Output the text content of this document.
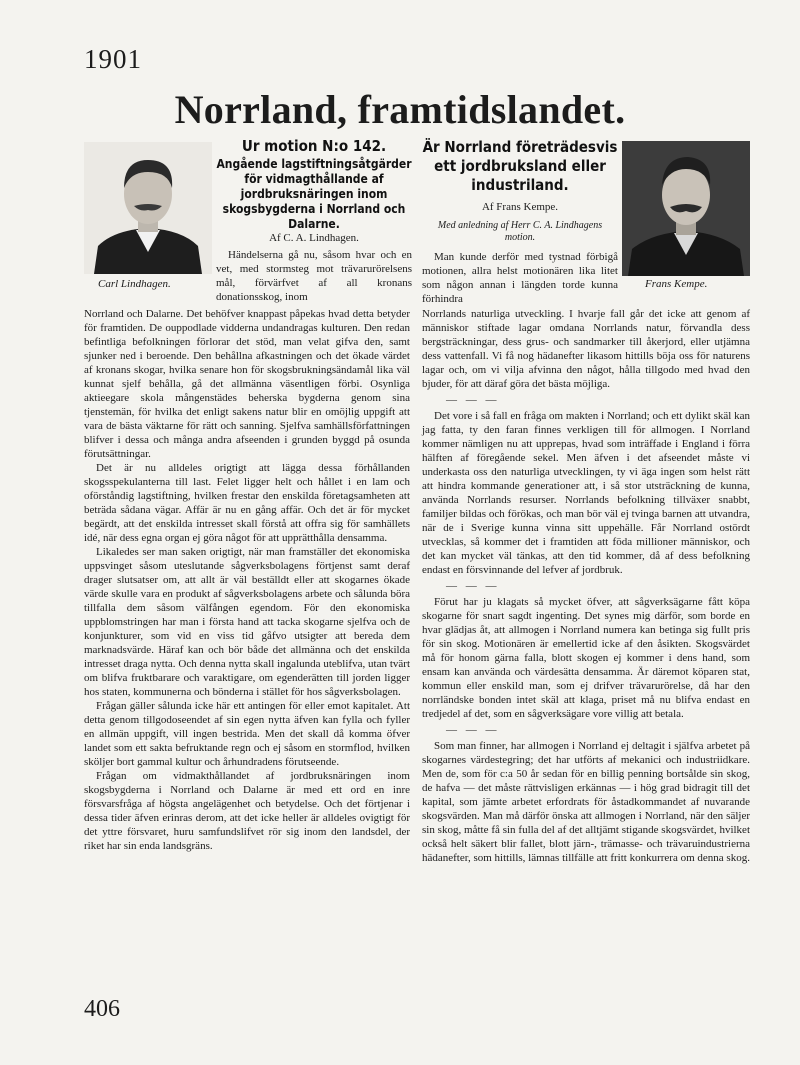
1901
Norrland, framtidslandet.
Carl Lindhagen.	Frans Kempe.
Ur motion N:o 142.
Angående lagstiftningsåtgärder för vidmagthållande af jordbruksnäringen inom skogsbygderna i Norrland och Dalarne.
Af C. A. Lindhagen.
Händelserna gå nu, såsom hvar och en vet, med stormsteg mot trävarurörelsens mål, förvärfvet af all kronans donationsskog, inom
Är Norrland företrädesvis ett jordbruksland eller industriland.
Af Frans Kempe.
Med anledning af Herr C. A. Lindhagens motion.
Man kunde derför med tystnad förbigå motionen, allra helst motionären lika litet som någon annan i längden torde kunna förhindra

Norrland och Dalarne. Det behöfver knappast påpekas hvad detta betyder för framtiden. De ouppodlade vidderna undandragas kulturen. Den redan befintliga befolkningen förlorar det stöd, man velat gifva den, samt sjunker ned i beroende. Den behållna afkastningen och det ökade värdet af kronans skogar, hvilka senare hon för skogsbrukningsändamål lika väl kunnat sjelf behålla, gå det allmänna väsentligen förbi. Osynliga aktieegare skola mångenstädes beherska bygderna genom sina tjenstemän, för hvilka det enligt sakens natur blir en omöjlig uppgift att vara de bästa väktarne för rätt och sanning. Sjelfva samhällsförfattningen blifver i dessa och många andra afseenden i grunden byggd på osunda förutsättningar.

Det är nu alldeles origtigt att lägga dessa förhållanden skogsspekulanterna till last. Felet ligger helt och hållet i en lam och oförståndig lagstiftning, hvilken frestar den enskilda företagsamheten att beträda sådana vägar. Affär är nu en gång affär. Och det är för mycket begärdt, att det enskilda intresset skall förstå att offra sig för samhällets idé, när dess egna organ ej göra något för att upprätthålla densamma.

Likaledes ser man saken origtigt, när man framställer det ekonomiska uppsvinget såsom uteslutande sågverksbolagens förtjenst samt deraf drager slutsatser om, att allt är väl beställdt eller att skogarnes ökade värde skulle vara en produkt af sågverksbolagens arbete och sålunda böra tillfalla dem såsom välfången egendom. För den ekonomiska uppblomstringen har man i första hand att tacka skogarne sjelfva och de konjunkturer, som vid en viss tid gåfvo utsigter att bereda dem marknadsvärde. Häraf kan och bör både det allmänna och det enskilda intresset draga nytta. Och denna nytta skall ingalunda uteblifva, utan tvärt om blifva fruktbarare och varaktigare, om egenderätten till jorden ligger hos staten, kommunerna och bönderna i stället för hos sågverksbolagen.

Frågan gäller sålunda icke här ett antingen för eller emot kapitalet. Att detta genom tillgodoseendet af sin egen nytta äfven kan fylla och fyller en allmän uppgift, vill ingen bestrida. Men det skall då komma öfver landet som ett sakta befruktande regn och ej såsom en stormflod, hvilken sköljer bort gammal kultur och århundradens förutseende.

Frågan om vidmakthållandet af jordbruksnäringen inom skogsbygderna i Norrland och Dalarne är med ett ord en inre försvarsfråga af högsta angelägenhet och betydelse. Och det förtjenar i dessa tider äfven erinras derom, att det icke heller är alldeles ovigtigt för det yttre försvaret, huru samfundslifvet rör sig inom den landsdel, der riket har sin enda landsgräns.

Norrlands naturliga utveckling. I hvarje fall går det icke att genom af människor stiftade lagar omdana Norrlands natur, förvandla dess bergsträckningar, dess grus- och sandmarker till åkerjord, eller utjämna dess vattenfall. Vi få nog hädanefter likasom hittills böja oss för naturens lagar och, om vi vilja afvinna den något, hålla tillgodo med hvad den bjuder, för att däraf göra det bästa möjliga.

— — —

Det vore i så fall en fråga om makten i Norrland; och ett dylikt skäl kan jag fatta, ty den faran finnes verkligen till för allmogen. I Norrland kommer nämligen nu att upprepas, hvad som inträffade i England i förra hälften af föregående sekel. Men äfven i det afseendet måste vi underkasta oss den naturliga utvecklingen, ty vi äga ingen som helst rätt att hindra kommande generationer att, i så stor utsträckning de kunna, använda Norrlands resurser. Norrlands befolkning tillväxer snabbt, familjer bildas och förökas, och man bör väl ej tvinga barnen att utvandra, när de i Sverige kunna vinna sitt uppehälle. Får Norrland ostördt utvecklas, så kommer det i framtiden att föda millioner människor, och det kan mycket väl tänkas, att den tid kommer, då af dess befolkning endast en försvinnande del lefver af jordbruk.

— — —

Förut har ju klagats så mycket öfver, att sågverksägarne fått köpa skogarne för snart sagdt ingenting. Det synes mig därför, som borde en hvar glädjas åt, att allmogen i Norrland numera kan betinga sig fullt pris för sin skog. Motionären är emellertid icke af den åsikten. Skogsvärdet må för honom gärna falla, blott skogen ej kommer i dens hand, som ensam kan använda och värdesätta densamma. Är däremot köparen stat, kommun eller enskild man, som ej drifver trävarurörelse, då har den norrländske bonden intet skäl att klaga, priset må nu blifva endast en tredjedel af det, som en sågverksägare vore villig att betala.

— — —

Som man finner, har allmogen i Norrland ej deltagit i själfva arbetet på skogarnes värdestegring; det har utförts af mekanici och industriidkare. Men de, som för c:a 50 år sedan för en billig penning bortsålde sin skog, de hafva — det måste rättvisligen erkännas — i hög grad bidragit till det kapital, som jämte arbetet erfordrats för åstadkommandet af nuvarande skogsvärden. Man må därför önska att allmogen i Norrland, när den säljer sin skog, måtte få sin fulla del af det alltjämt stigande skogsvärdet, hvilket också helt säkert blir fallet, blott järn-, trämasse- och trävaruindustrierna hädanefter, som hittills, lämnas tillfälle att fritt konkurrera om denna skog.

406
